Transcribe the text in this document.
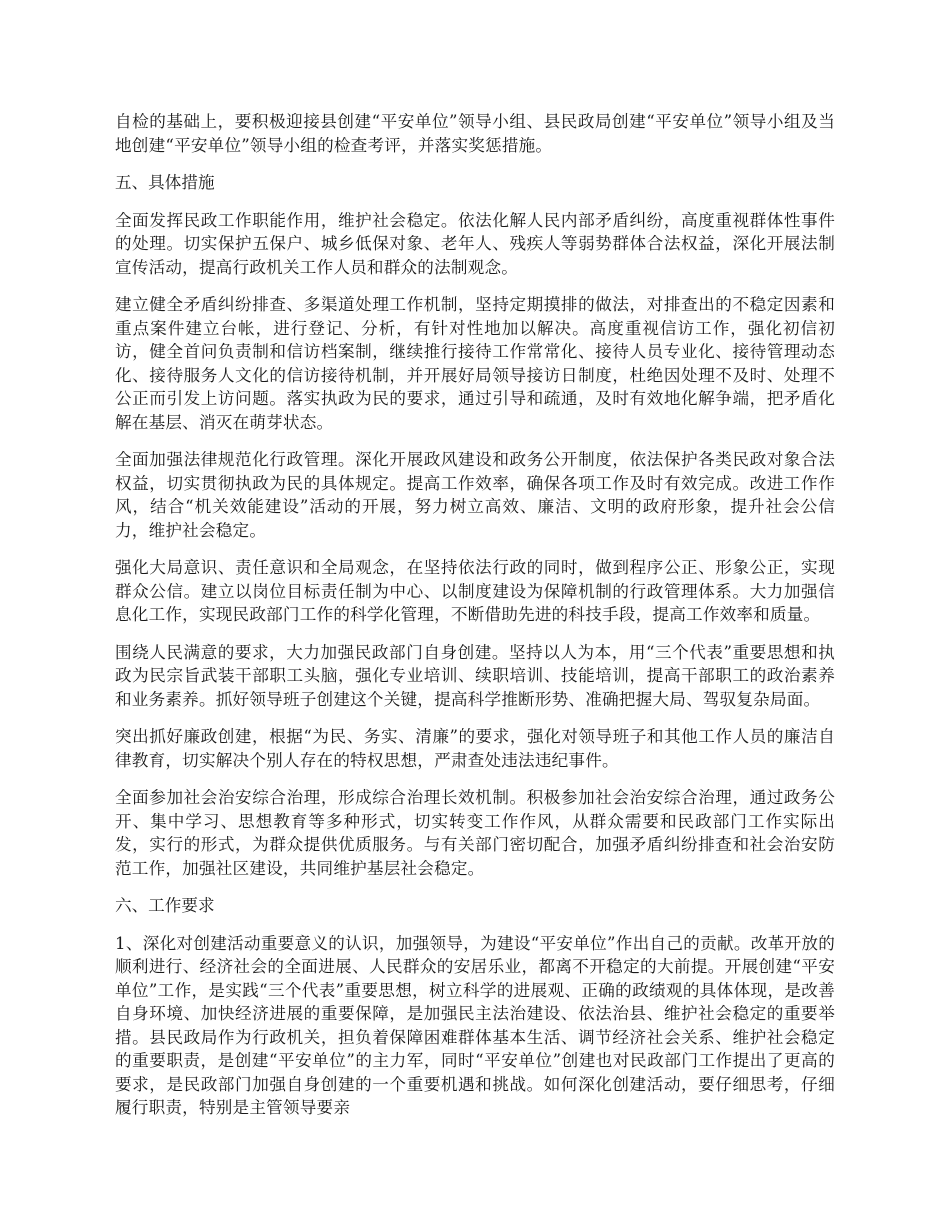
自检的基础上，要积极迎接县创建“平安单位”领导小组、县民政局创建“平安单位”领导小组及当地创建“平安单位”领导小组的检查考评，并落实奖惩措施。

五、具体措施

全面发挥民政工作职能作用，维护社会稳定。依法化解人民内部矛盾纠纷，高度重视群体性事件的处理。切实保护五保户、城乡低保对象、老年人、残疾人等弱势群体合法权益，深化开展法制宣传活动，提高行政机关工作人员和群众的法制观念。

建立健全矛盾纠纷排查、多渠道处理工作机制，坚持定期摸排的做法，对排查出的不稳定因素和重点案件建立台帐，进行登记、分析，有针对性地加以解决。高度重视信访工作，强化初信初访，健全首问负责制和信访档案制，继续推行接待工作常常化、接待人员专业化、接待管理动态化、接待服务人文化的信访接待机制，并开展好局领导接访日制度，杜绝因处理不及时、处理不公正而引发上访问题。落实执政为民的要求，通过引导和疏通，及时有效地化解争端，把矛盾化解在基层、消灭在萌芽状态。

全面加强法律规范化行政管理。深化开展政风建设和政务公开制度，依法保护各类民政对象合法权益，切实贯彻执政为民的具体规定。提高工作效率，确保各项工作及时有效完成。改进工作作风，结合“机关效能建设”活动的开展，努力树立高效、廉洁、文明的政府形象，提升社会公信力，维护社会稳定。

强化大局意识、责任意识和全局观念，在坚持依法行政的同时，做到程序公正、形象公正，实现群众公信。建立以岗位目标责任制为中心、以制度建设为保障机制的行政管理体系。大力加强信息化工作，实现民政部门工作的科学化管理，不断借助先进的科技手段，提高工作效率和质量。

围绕人民满意的要求，大力加强民政部门自身创建。坚持以人为本，用“三个代表”重要思想和执政为民宗旨武装干部职工头脑，强化专业培训、续职培训、技能培训，提高干部职工的政治素养和业务素养。抓好领导班子创建这个关键，提高科学推断形势、准确把握大局、驾驭复杂局面。

突出抓好廉政创建，根据“为民、务实、清廉”的要求，强化对领导班子和其他工作人员的廉洁自律教育，切实解决个别人存在的特权思想，严肃查处违法违纪事件。

全面参加社会治安综合治理，形成综合治理长效机制。积极参加社会治安综合治理，通过政务公开、集中学习、思想教育等多种形式，切实转变工作作风，从群众需要和民政部门工作实际出发，实行的形式，为群众提供优质服务。与有关部门密切配合，加强矛盾纠纷排查和社会治安防范工作，加强社区建设，共同维护基层社会稳定。

六、工作要求

1、深化对创建活动重要意义的认识，加强领导，为建设“平安单位”作出自己的贡献。改革开放的顺利进行、经济社会的全面进展、人民群众的安居乐业，都离不开稳定的大前提。开展创建“平安单位”工作，是实践“三个代表”重要思想，树立科学的进展观、正确的政绩观的具体体现，是改善自身环境、加快经济进展的重要保障，是加强民主法治建设、依法治县、维护社会稳定的重要举措。县民政局作为行政机关，担负着保障困难群体基本生活、调节经济社会关系、维护社会稳定的重要职责，是创建“平安单位”的主力军，同时“平安单位”创建也对民政部门工作提出了更高的要求，是民政部门加强自身创建的一个重要机遇和挑战。如何深化创建活动，要仔细思考，仔细履行职责，特别是主管领导要亲
